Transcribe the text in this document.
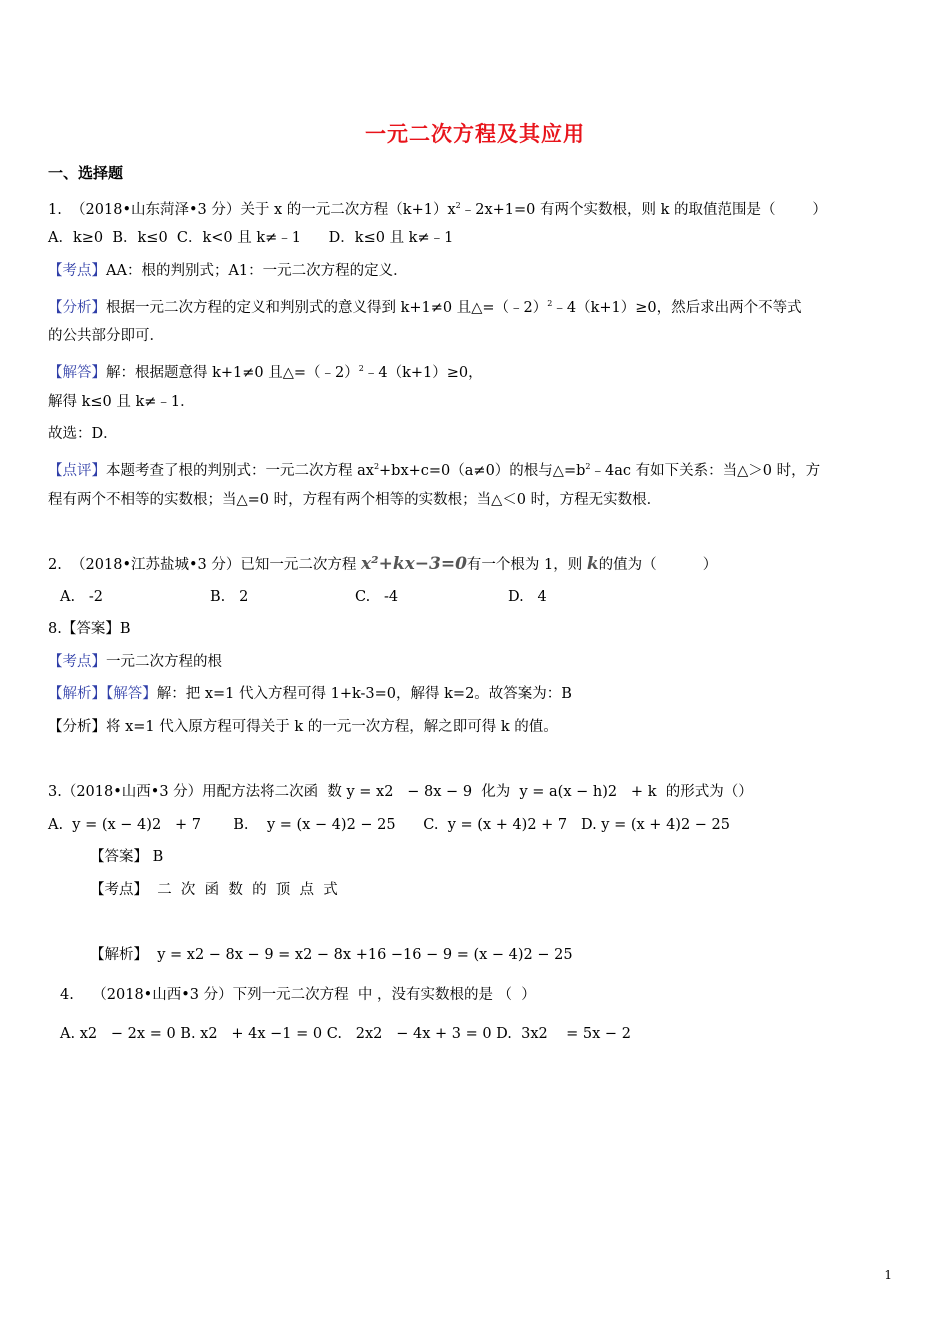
一元二次方程及其应用
一、选择题
1.  （2018•山东菏泽•3 分）关于 x 的一元二次方程$(k+1)x^2﹣2x+1=0$ 有两个实数根，则 k 的取值范围是（        ）
A．k≥0  B．k≤0  C．k<0 且 k≠﹣1      D．k≤0 且 k≠﹣1
【考点】AA：根的判别式；A1：一元二次方程的定义．
【分析】根据一元二次方程的定义和判别式的意义得到 k+1≠0 且△=（﹣2）$^2$﹣4（k+1）≥0，然后求出两个不等式
的公共部分即可．
【解答】解：根据题意得 k+1≠0 且△=（﹣2）$^2$﹣4（k+1）≥0，
解得 k≤0 且 k≠﹣1．
故选：D．
【点评】本题考查了根的判别式：一元二次方程 $ax^2+bx+c=0(a\ne 0)$的根与$\triangle=b^2﹣4ac$ 有如下关系：当△＞0 时，方
程有两个不相等的实数根；当△=0 时，方程有两个相等的实数根；当△＜0 时，方程无实数根．
2.  （2018•江苏盐城•3 分）已知一元二次方程 x²+kx−3=0有一个根为 1，则 k的值为（          ）
A.   -2	B.   2	C.   -4	D.   4
8.【答案】B
【考点】一元二次方程的根
【解析】【解答】解：把 x=1 代入方程可得 1+k-3=0，解得 k=2。故答案为：B
【分析】将 x=1 代入原方程可得关于 k 的一元一次方程，解之即可得 k 的值。
3.（2018•山西•3 分）用配方法将二次函  数 y = x2   − 8x − 9  化为  y = a(x − h)2   + k  的形式为（）
A.  y = (x − 4)2   + 7       B.    y = (x − 4)2 − 25      C.  y = (x + 4)2 + 7   D. y = (x + 4)2 − 25
【答案】 B
【考点】  二  次  函  数  的  顶  点  式
【解析】  y = x2 − 8x − 9 = x2 − 8x +16 −16 − 9 = (x − 4)2 − 25
4.    （2018•山西•3 分）下列一元二次方程  中 ，没有实数根的是 （  ）
A. x2   − 2x = 0 B. x2   + 4x −1 = 0 C.   2x2   − 4x + 3 = 0 D.  3x2    = 5x − 2
1
